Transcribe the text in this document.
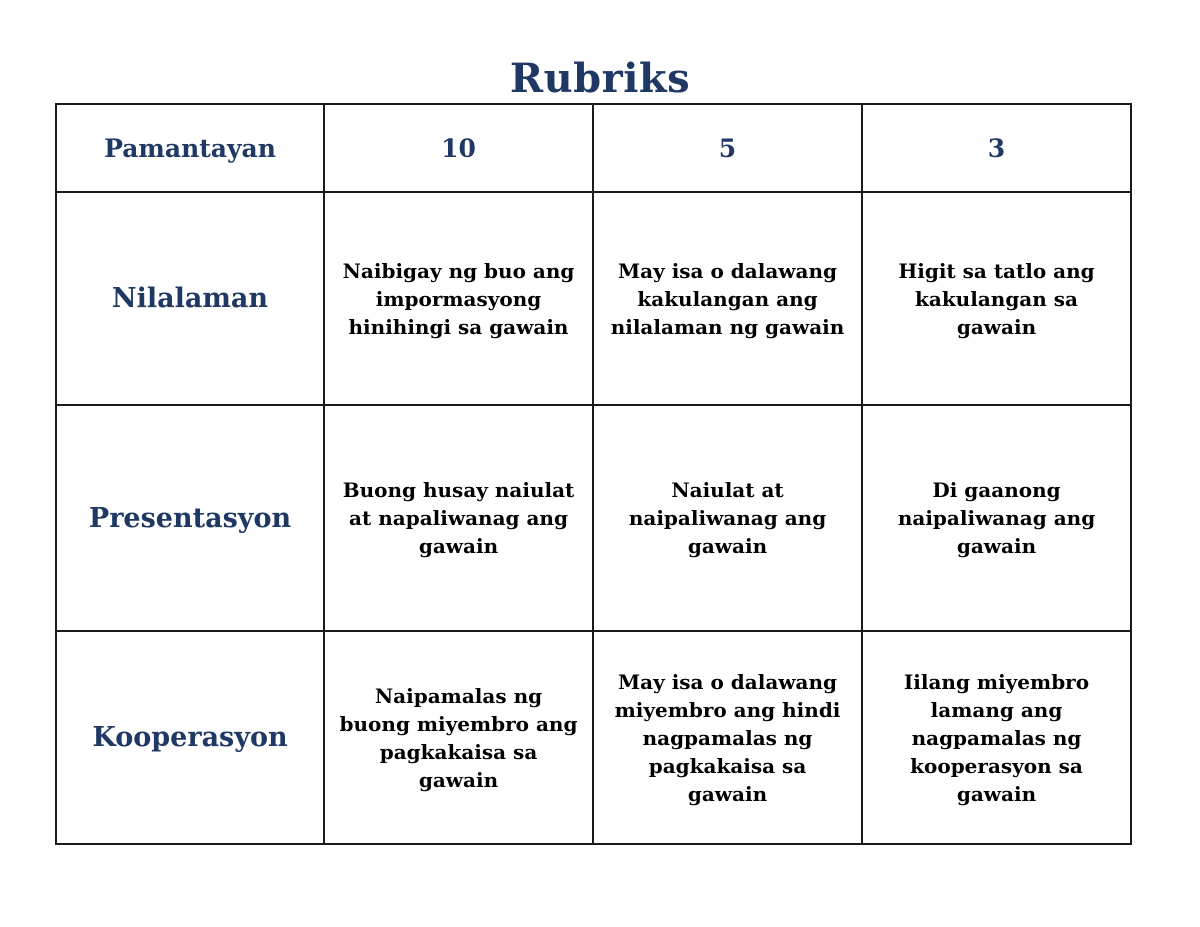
Rubriks
Pamantayan	10	5	3
Nilalaman	Naibigay ng buo ang impormasyong hinihingi sa gawain	May isa o dalawang kakulangan ang nilalaman ng gawain	Higit sa tatlo ang kakulangan sa gawain
Presentasyon	Buong husay naiulat at napaliwanag ang gawain	Naiulat at naipaliwanag ang gawain	Di gaanong naipaliwanag ang gawain
Kooperasyon	Naipamalas ng buong miyembro ang pagkakaisa sa gawain	May isa o dalawang miyembro ang hindi nagpamalas ng pagkakaisa sa gawain	Iilang miyembro lamang ang nagpamalas ng kooperasyon sa gawain
